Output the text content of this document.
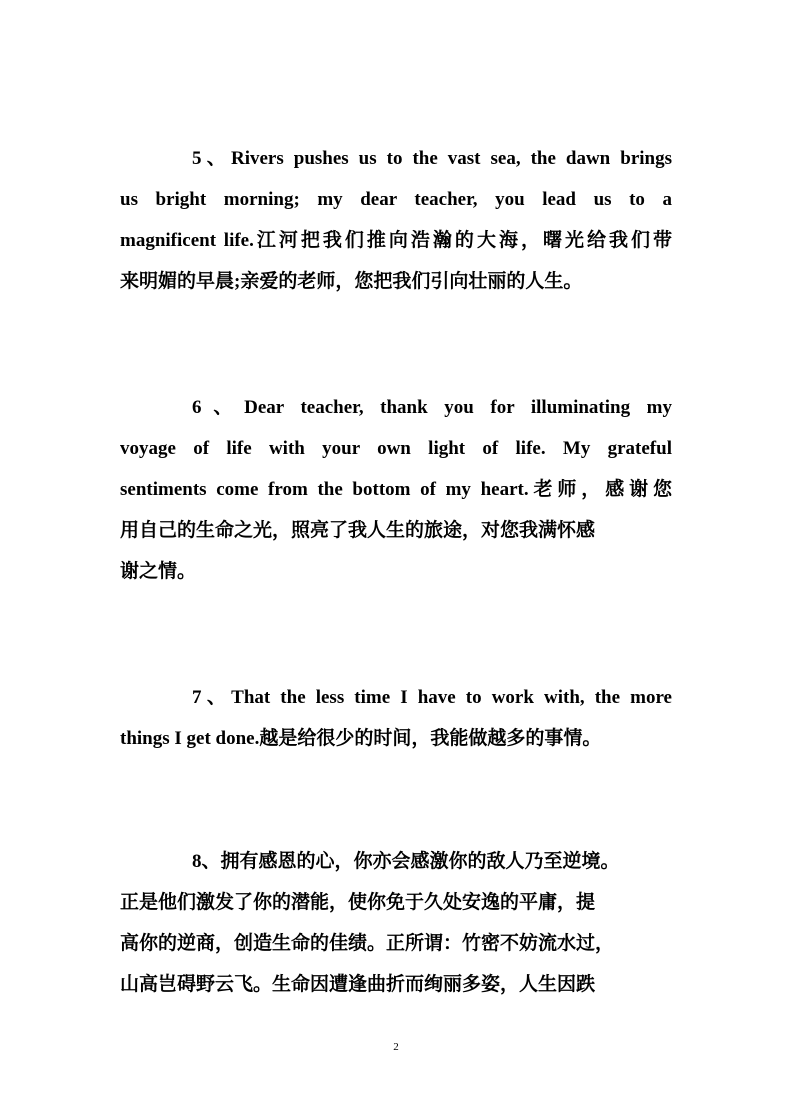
5、Rivers pushes us to the vast sea, the dawn brings
us bright morning; my dear teacher, you lead us to a
magnificent life.江河把我们推向浩瀚的大海，曙光给我们带
来明媚的早晨;亲爱的老师，您把我们引向壮丽的人生。
6、Dear teacher, thank you for illuminating my
voyage of life with your own light of life. My grateful
sentiments come from the bottom of my heart.老师，感谢您
用自己的生命之光，照亮了我人生的旅途，对您我满怀感
谢之情。
7、That the less time I have to work with, the more
things I get done.越是给很少的时间，我能做越多的事情。
8、拥有感恩的心，你亦会感激你的敌人乃至逆境。
正是他们激发了你的潜能，使你免于久处安逸的平庸，提
高你的逆商，创造生命的佳绩。正所谓：竹密不妨流水过，
山高岂碍野云飞。生命因遭逢曲折而绚丽多姿，人生因跌
2
